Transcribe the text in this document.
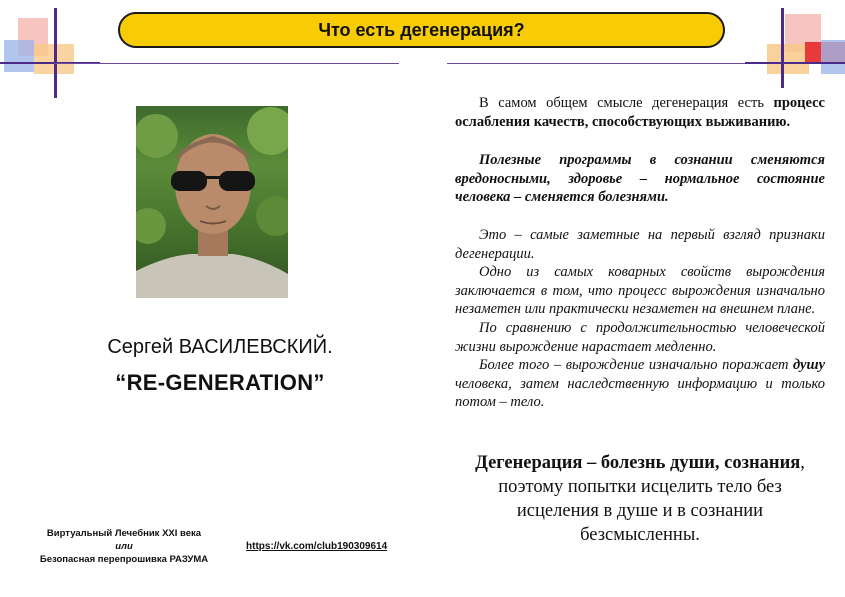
Что есть дегенерация?
Сергей ВАСИЛЕВСКИЙ.
“RE-GENERATION”
Виртуальный Лечебник XXI века
или
Безопасная перепрошивка РАЗУМА
https://vk.com/club190309614

В самом общем смысле дегенерация есть процесс ослабления качеств, способствующих выживанию.

Полезные программы в сознании сменяются вредоносными, здоровье – нормальное состояние человека – сменяется болезнями.

Это – самые заметные на первый взгляд признаки дегенерации.

Одно из самых коварных свойств вырождения заключается в том, что процесс вырождения изначально незаметен или практически незаметен на внешнем плане.

По сравнению с продолжительностью человеческой жизни вырождение нарастает медленно.

Более того – вырождение изначально поражает душу человека, затем наследственную информацию и только потом – тело.

Дегенерация – болезнь души, сознания, поэтому попытки исцелить тело без исцеления в душе и в сознании безсмысленны.
